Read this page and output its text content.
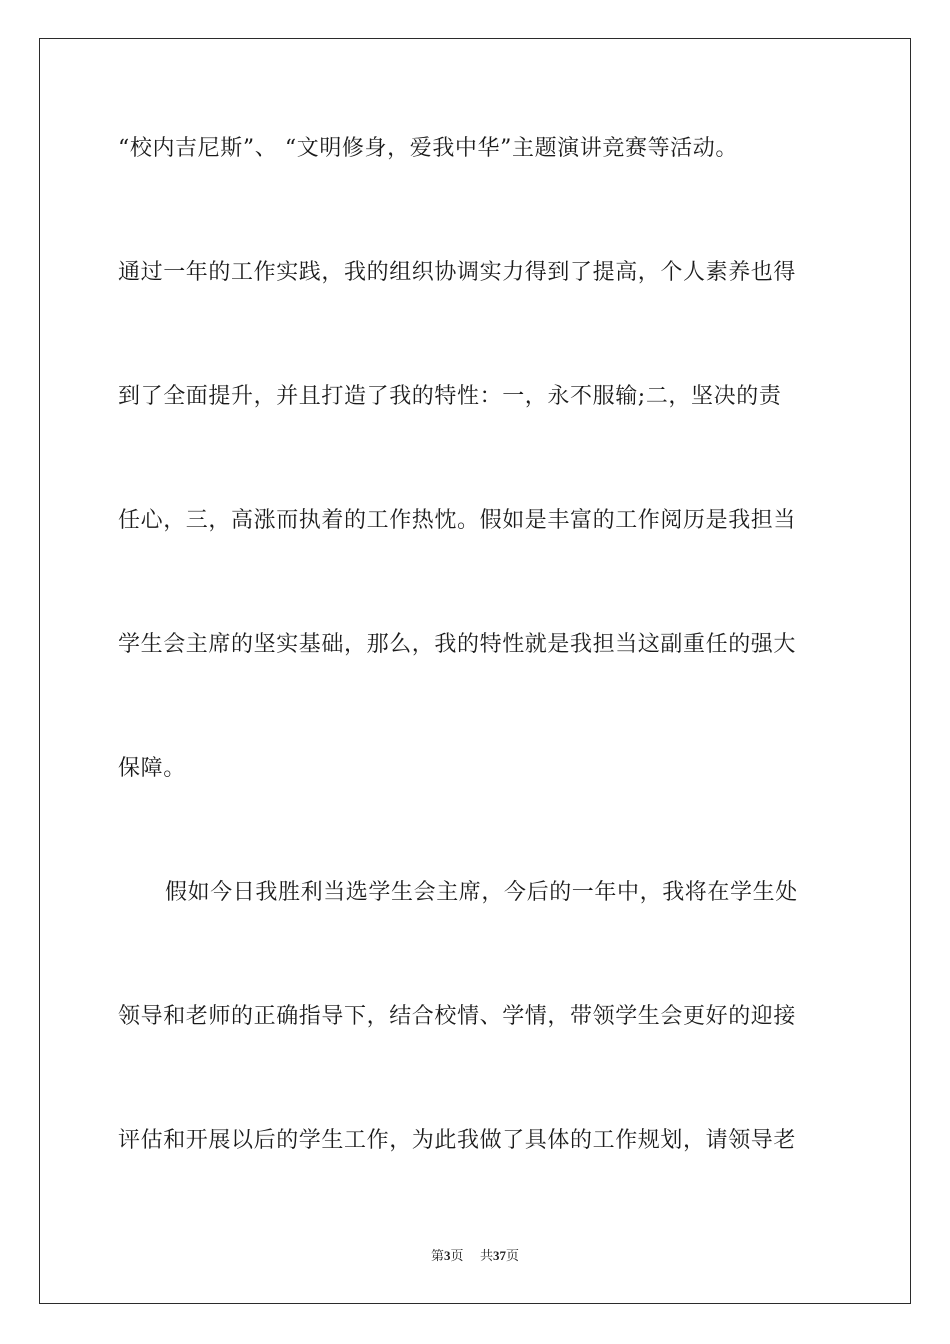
“校内吉尼斯”、 “文明修身，爱我中华”主题演讲竞赛等活动。
通过一年的工作实践，我的组织协调实力得到了提高，个人素养也得
到了全面提升，并且打造了我的特性：一，永不服输;二，坚决的责
任心，三，高涨而执着的工作热忱。假如是丰富的工作阅历是我担当
学生会主席的坚实基础，那么，我的特性就是我担当这副重任的强大
保障。
假如今日我胜利当选学生会主席，今后的一年中，我将在学生处
领导和老师的正确指导下，结合校情、学情，带领学生会更好的迎接
评估和开展以后的学生工作，为此我做了具体的工作规划，请领导老
第3页 共37页
